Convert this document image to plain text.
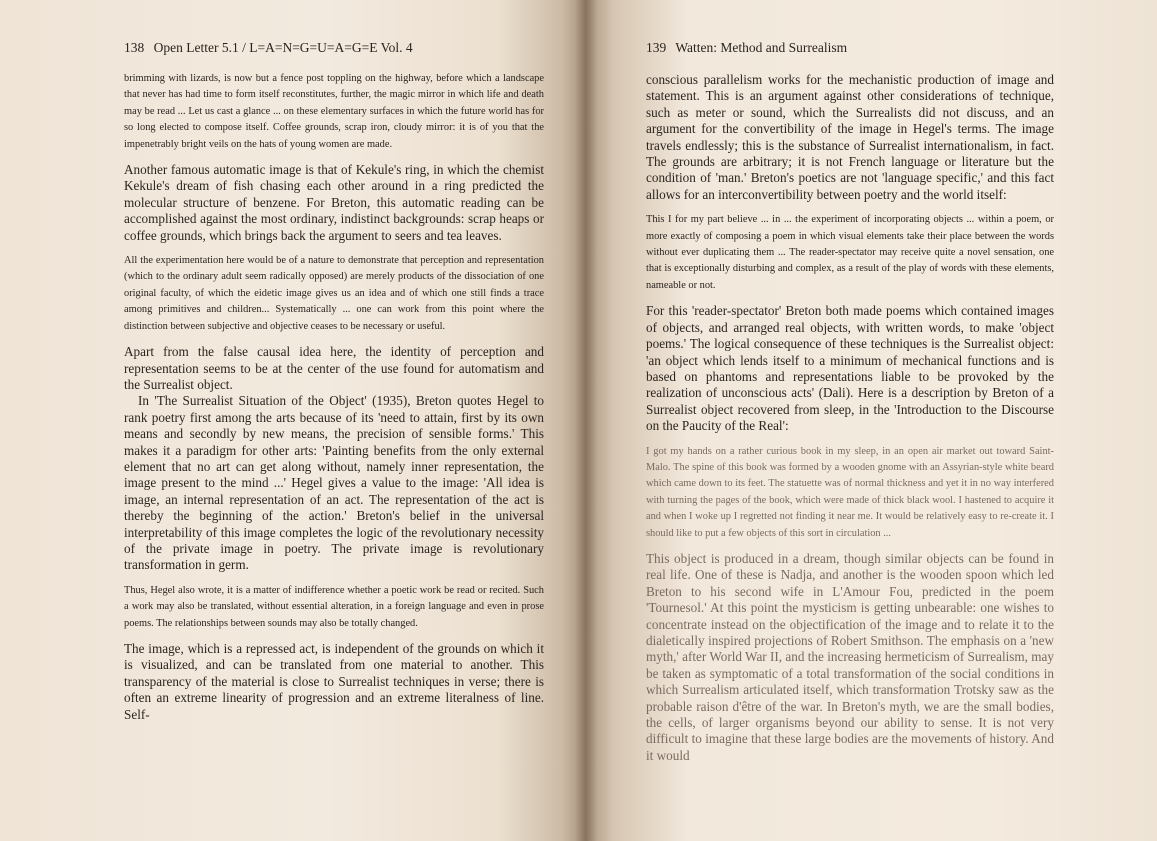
138 Open Letter 5.1 / L=A=N=G=U=A=G=E Vol. 4

brimming with lizards, is now but a fence post toppling on the highway, before which a landscape that never has had time to form itself reconstitutes, further, the magic mirror in which life and death may be read ... Let us cast a glance ... on these elementary surfaces in which the future world has for so long elected to compose itself. Coffee grounds, scrap iron, cloudy mirror: it is of you that the impenetrably bright veils on the hats of young women are made.

Another famous automatic image is that of Kekule's ring, in which the chemist Kekule's dream of fish chasing each other around in a ring predicted the molecular structure of benzene. For Breton, this automatic reading can be accomplished against the most ordinary, indistinct backgrounds: scrap heaps or coffee grounds, which brings back the argument to seers and tea leaves.

All the experimentation here would be of a nature to demonstrate that perception and representation (which to the ordinary adult seem radically opposed) are merely products of the dissociation of one original faculty, of which the eidetic image gives us an idea and of which one still finds a trace among primitives and children... Systematically ... one can work from this point where the distinction between subjective and objective ceases to be necessary or useful.

Apart from the false causal idea here, the identity of perception and representation seems to be at the center of the use found for automatism and the Surrealist object.

In 'The Surrealist Situation of the Object' (1935), Breton quotes Hegel to rank poetry first among the arts because of its 'need to attain, first by its own means and secondly by new means, the precision of sensible forms.' This makes it a paradigm for other arts: 'Painting benefits from the only external element that no art can get along without, namely inner representation, the image present to the mind ...' Hegel gives a value to the image: 'All idea is image, an internal representation of an act. The representation of the act is thereby the beginning of the action.' Breton's belief in the universal interpretability of this image completes the logic of the revolutionary necessity of the private image in poetry. The private image is revolutionary transformation in germ.

Thus, Hegel also wrote, it is a matter of indifference whether a poetic work be read or recited. Such a work may also be translated, without essential alteration, in a foreign language and even in prose poems. The relationships between sounds may also be totally changed.

The image, which is a repressed act, is independent of the grounds on which it is visualized, and can be translated from one material to another. This transparency of the material is close to Surrealist techniques in verse; there is often an extreme linearity of progression and an extreme literalness of line. Self-

139 Watten: Method and Surrealism

conscious parallelism works for the mechanistic production of image and statement. This is an argument against other considerations of technique, such as meter or sound, which the Surrealists did not discuss, and an argument for the convertibility of the image in Hegel's terms. The image travels endlessly; this is the substance of Surrealist internationalism, in fact. The grounds are arbitrary; it is not French language or literature but the condition of 'man.' Breton's poetics are not 'language specific,' and this fact allows for an interconvertibility between poetry and the world itself:

This I for my part believe ... in ... the experiment of incorporating objects ... within a poem, or more exactly of composing a poem in which visual elements take their place between the words without ever duplicating them ... The reader-spectator may receive quite a novel sensation, one that is exceptionally disturbing and complex, as a result of the play of words with these elements, nameable or not.

For this 'reader-spectator' Breton both made poems which contained images of objects, and arranged real objects, with written words, to make 'object poems.' The logical consequence of these techniques is the Surrealist object: 'an object which lends itself to a minimum of mechanical functions and is based on phantoms and representations liable to be provoked by the realization of unconscious acts' (Dali). Here is a description by Breton of a Surrealist object recovered from sleep, in the 'Introduction to the Discourse on the Paucity of the Real':

I got my hands on a rather curious book in my sleep, in an open air market out toward Saint-Malo. The spine of this book was formed by a wooden gnome with an Assyrian-style white beard which came down to its feet. The statuette was of normal thickness and yet it in no way interfered with turning the pages of the book, which were made of thick black wool. I hastened to acquire it and when I woke up I regretted not finding it near me. It would be relatively easy to re-create it. I should like to put a few objects of this sort in circulation ...

This object is produced in a dream, though similar objects can be found in real life. One of these is Nadja, and another is the wooden spoon which led Breton to his second wife in L'Amour Fou, predicted in the poem 'Tournesol.' At this point the mysticism is getting unbearable: one wishes to concentrate instead on the objectification of the image and to relate it to the dialetically inspired projections of Robert Smithson. The emphasis on a 'new myth,' after World War II, and the increasing hermeticism of Surrealism, may be taken as symptomatic of a total transformation of the social conditions in which Surrealism articulated itself, which transformation Trotsky saw as the probable raison d'être of the war. In Breton's myth, we are the small bodies, the cells, of larger organisms beyond our ability to sense. It is not very difficult to imagine that these large bodies are the movements of history. And it would
